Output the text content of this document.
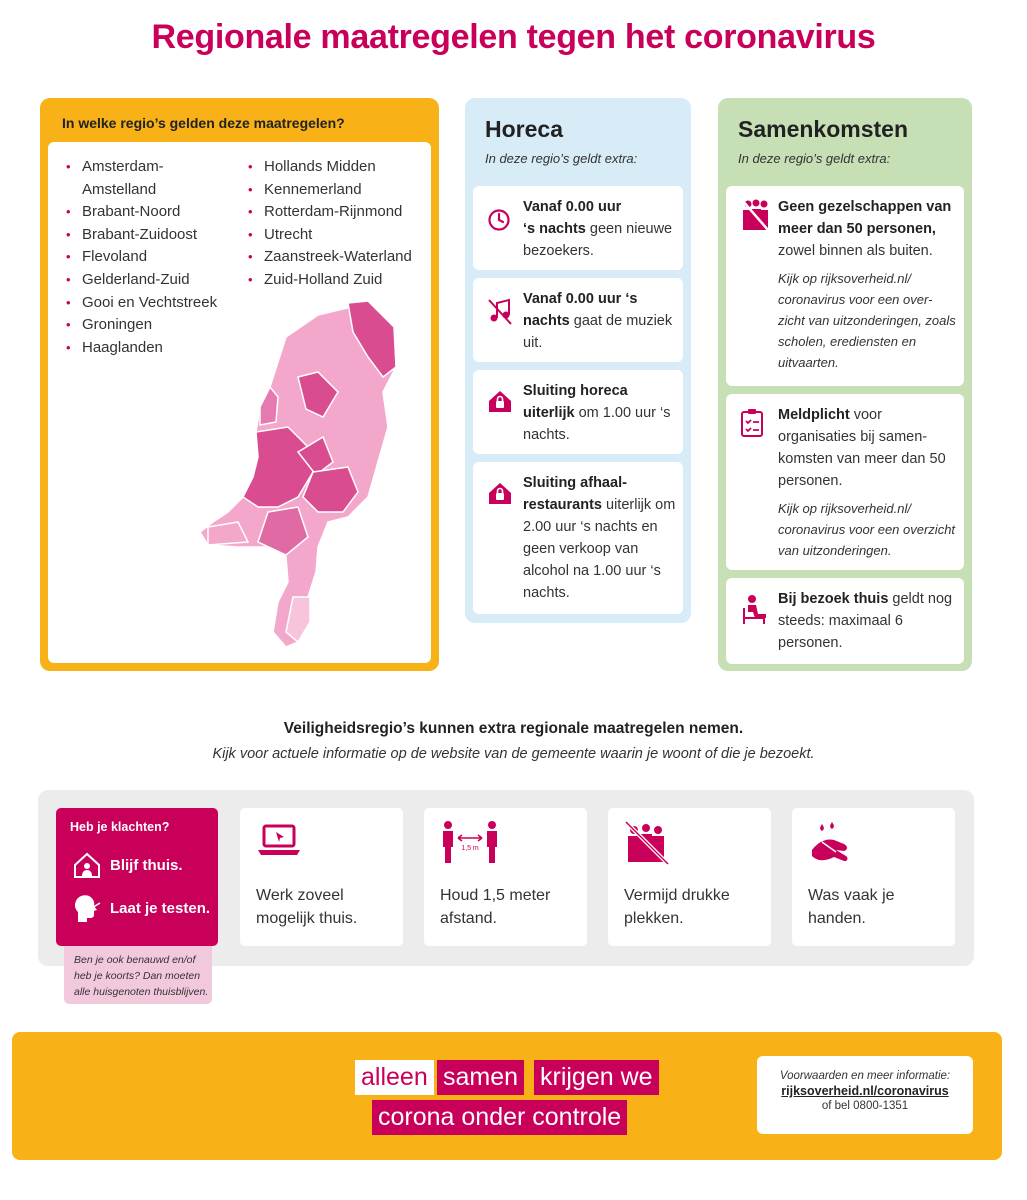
Regionale maatregelen tegen het coronavirus
In welke regio’s gelden deze maatregelen?
• Amsterdam-
Amstelland
• Brabant-Noord
• Brabant-Zuidoost
• Flevoland
• Gelderland-Zuid
• Gooi en Vechtstreek
• Groningen
• Haaglanden
• Hollands Midden
• Kennemerland
• Rotterdam-Rijnmond
• Utrecht
• Zaanstreek-Waterland
• Zuid-Holland Zuid
Horeca
In deze regio’s geldt extra:
Vanaf 0.00 uur
‘s nachts geen nieuwe bezoekers.
Vanaf 0.00 uur ‘s
nachts gaat de muziek uit.
Sluiting horeca
uiterlijk om 1.00 uur ‘s nachts.
Sluiting afhaal-
restaurants uiterlijk om 2.00 uur ‘s nachts en geen verkoop van alcohol na 1.00 uur ‘s nachts.
Samenkomsten
In deze regio’s geldt extra:
Geen gezelschappen van meer dan 50 personen, zowel binnen als buiten.
Kijk op rijksoverheid.nl/ coronavirus voor een over-zicht van uitzonderingen, zoals scholen, erediensten en uitvaarten.
Meldplicht voor organisaties bij samen-komsten van meer dan 50 personen.
Kijk op rijksoverheid.nl/ coronavirus voor een overzicht van uitzonderingen.
Bij bezoek thuis geldt nog steeds: maximaal 6 personen.
Veiligheidsregio’s kunnen extra regionale maatregelen nemen.
Kijk voor actuele informatie op de website van de gemeente waarin je woont of die je bezoekt.
Heb je klachten?
Blijf thuis.
Laat je testen.
Ben je ook benauwd en/of heb je koorts? Dan moeten alle huisgenoten thuisblijven.
Werk zoveel mogelijk thuis.
1,5 m
Houd 1,5 meter afstand.
Vermijd drukke plekken.
Was vaak je handen.
alleen samen krijgen we
corona onder controle
Voorwaarden en meer informatie:
rijksoverheid.nl/coronavirus
of bel 0800-1351
